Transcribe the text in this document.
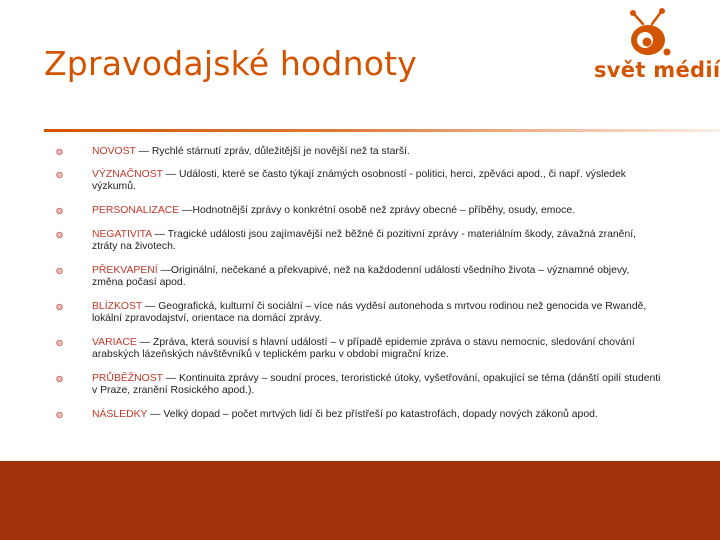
Zpravodajské hodnoty	svět médií
◍	NOVOST — Rychlé stárnutí zpráv, důležitější je novější než ta starší.
◍	VÝZNAČNOST — Události, které se často týkají známých osobností - politici, herci, zpěváci apod., či např. výsledek výzkumů.
◍	PERSONALIZACE —Hodnotnější zprávy o konkrétní osobě než zprávy obecné – příběhy, osudy, emoce.
◍	NEGATIVITA — Tragické události jsou zajímavější než běžné či pozitivní zprávy - materiálním škody, závažná zranění, ztráty na životech.
◍	PŘEKVAPENÍ —Originální, nečekané a překvapivé, než na každodenní události všedního života – významné objevy, změna počasí apod.
◍	BLÍZKOST — Geografická, kulturní či sociální – více nás vyděsí autonehoda s mrtvou rodinou než genocida ve Rwandě, lokální zpravodajství, orientace na domácí zprávy.
◍	VARIACE — Zpráva, která souvisí s hlavní událostí – v případě epidemie zpráva o stavu nemocnic, sledování chování arabských lázeňských návštěvníků v teplickém parku v období migrační krize.
◍	PRŮBĚŽNOST — Kontinuita zprávy – soudní proces, teroristické útoky, vyšetřování, opakující se téma (dánští opilí studenti v Praze, zranění Rosického apod.).
◍	NÁSLEDKY — Velký dopad – počet mrtvých lidí či bez přístřeší po katastrofách, dopady nových zákonů apod.
